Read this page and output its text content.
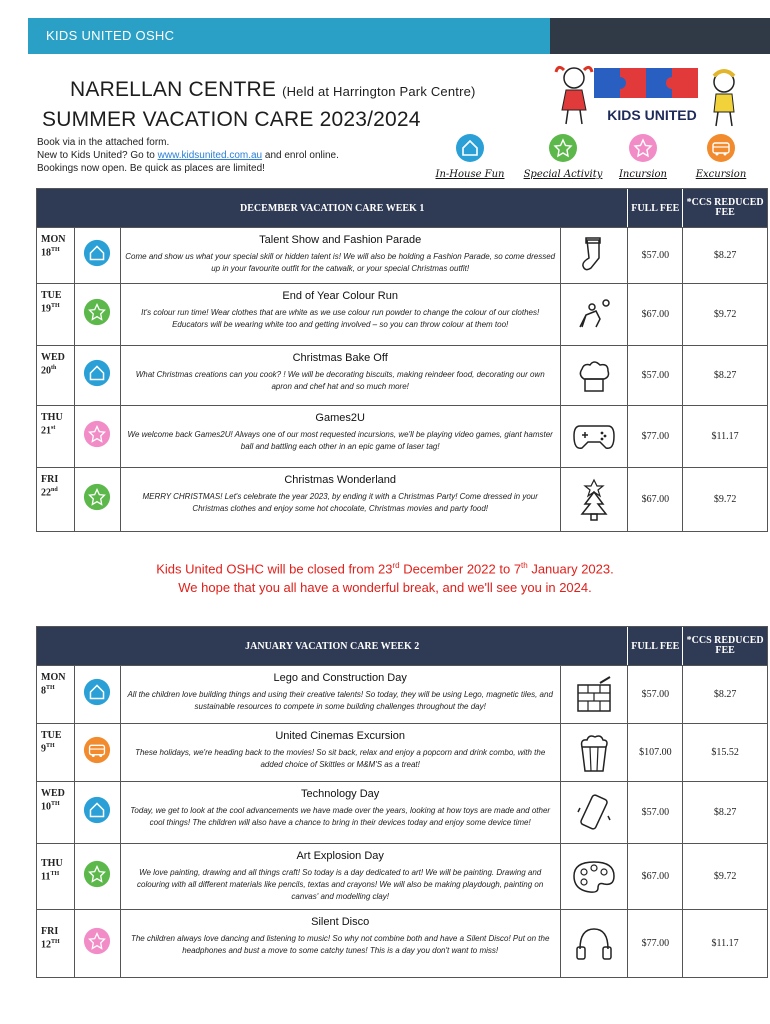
KIDS UNITED OSHC
NARELLAN CENTRE (Held at Harrington Park Centre)
SUMMER VACATION CARE 2023/2024
Book via in the attached form.
New to Kids United? Go to www.kidsunited.com.au and enrol online.
Bookings now open. Be quick as places are limited!
KIDS UNITED
In-House Fun	Special Activity	Incursion	Excursion
DECEMBER VACATION CARE WEEK 1	FULL FEE *CCS REDUCED FEE
MON
18TH
Talent Show and Fashion Parade

Come and show us what your special skill or hidden talent is! We will also be holding a Fashion Parade, so come dressed up in your favourite outfit for the catwalk, or your special Christmas outfit!

$57.00	$8.27
TUE
19TH
End of Year Colour Run

It's colour run time! Wear clothes that are white as we use colour run powder to change the colour of our clothes! Educators will be wearing white too and getting involved – so you can throw colour at them too!

$67.00	$9.72
WED
20th
Christmas Bake Off

What Christmas creations can you cook? ! We will be decorating biscuits, making reindeer food, decorating our own apron and chef hat and so much more!

$57.00	$8.27
THU
21st
Games2U

We welcome back Games2U! Always one of our most requested incursions, we'll be playing video games, giant hamster ball and battling each other in an epic game of laser tag!

$77.00	$11.17
FRI
22nd
Christmas Wonderland

MERRY CHRISTMAS! Let's celebrate the year 2023, by ending it with a Christmas Party! Come dressed in your Christmas clothes and enjoy some hot chocolate, Christmas movies and party food!

$67.00	$9.72
Kids United OSHC will be closed from 23rd December 2022 to 7th January 2023.
We hope that you all have a wonderful break, and we'll see you in 2024.
JANUARY VACATION CARE WEEK 2	FULL FEE *CCS REDUCED FEE
MON
8TH
Lego and Construction Day

All the children love building things and using their creative talents! So today, they will be using Lego, magnetic tiles, and sustainable resources to compete in some building challenges throughout the day!

$57.00	$8.27
TUE
9TH
United Cinemas Excursion

These holidays, we're heading back to the movies! So sit back, relax and enjoy a popcorn and drink combo, with the added choice of Skittles or M&M'S as a treat!

$107.00	$15.52
WED
10TH
Technology Day

Today, we get to look at the cool advancements we have made over the years, looking at how toys are made and other cool things! The children will also have a chance to bring in their devices today and enjoy some device time!

$57.00	$8.27
THU
11TH
Art Explosion Day

We love painting, drawing and all things craft! So today is a day dedicated to art! We will be painting. Drawing and colouring with all different materials like pencils, textas and crayons! We will also be making playdough, painting on canvas' and modelling clay!

$67.00	$9.72
FRI
12TH
Silent Disco

The children always love dancing and listening to music! So why not combine both and have a Silent Disco! Put on the headphones and bust a move to some catchy tunes! This is a day you don't want to miss!

$77.00	$11.17
